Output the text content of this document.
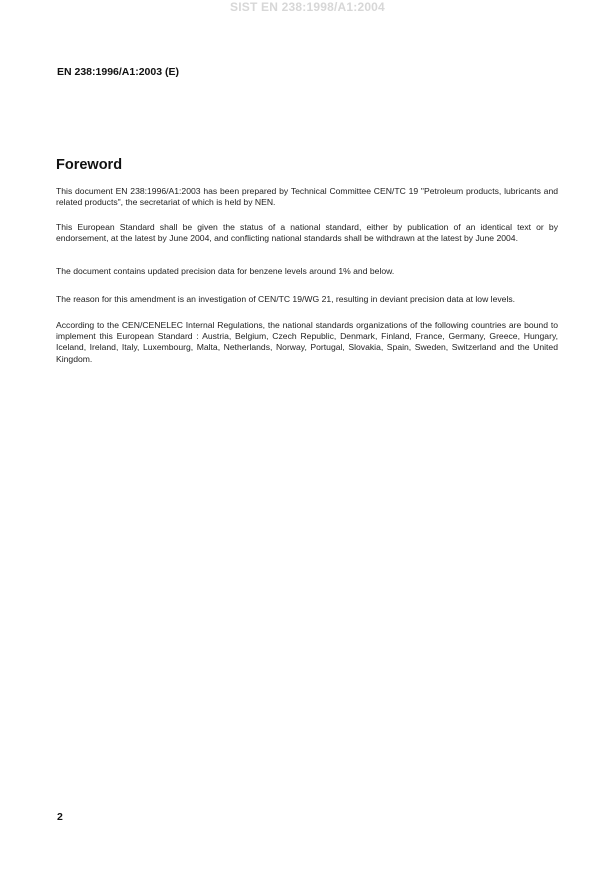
SIST EN 238:1998/A1:2004
EN 238:1996/A1:2003 (E)
Foreword

This document EN 238:1996/A1:2003 has been prepared by Technical Committee CEN/TC 19 "Petroleum products, lubricants and related products", the secretariat of which is held by NEN.

This European Standard shall be given the status of a national standard, either by publication of an identical text or by endorsement, at the latest by June 2004, and conflicting national standards shall be withdrawn at the latest by June 2004.

The document contains updated precision data for benzene levels around 1% and below.

The reason for this amendment is an investigation of CEN/TC 19/WG 21, resulting in deviant precision data at low levels.

According to the CEN/CENELEC Internal Regulations, the national standards organizations of the following countries are bound to implement this European Standard : Austria, Belgium, Czech Republic, Denmark, Finland, France, Germany, Greece, Hungary, Iceland, Ireland, Italy, Luxembourg, Malta, Netherlands, Norway, Portugal, Slovakia, Spain, Sweden, Switzerland and the United Kingdom.

2
